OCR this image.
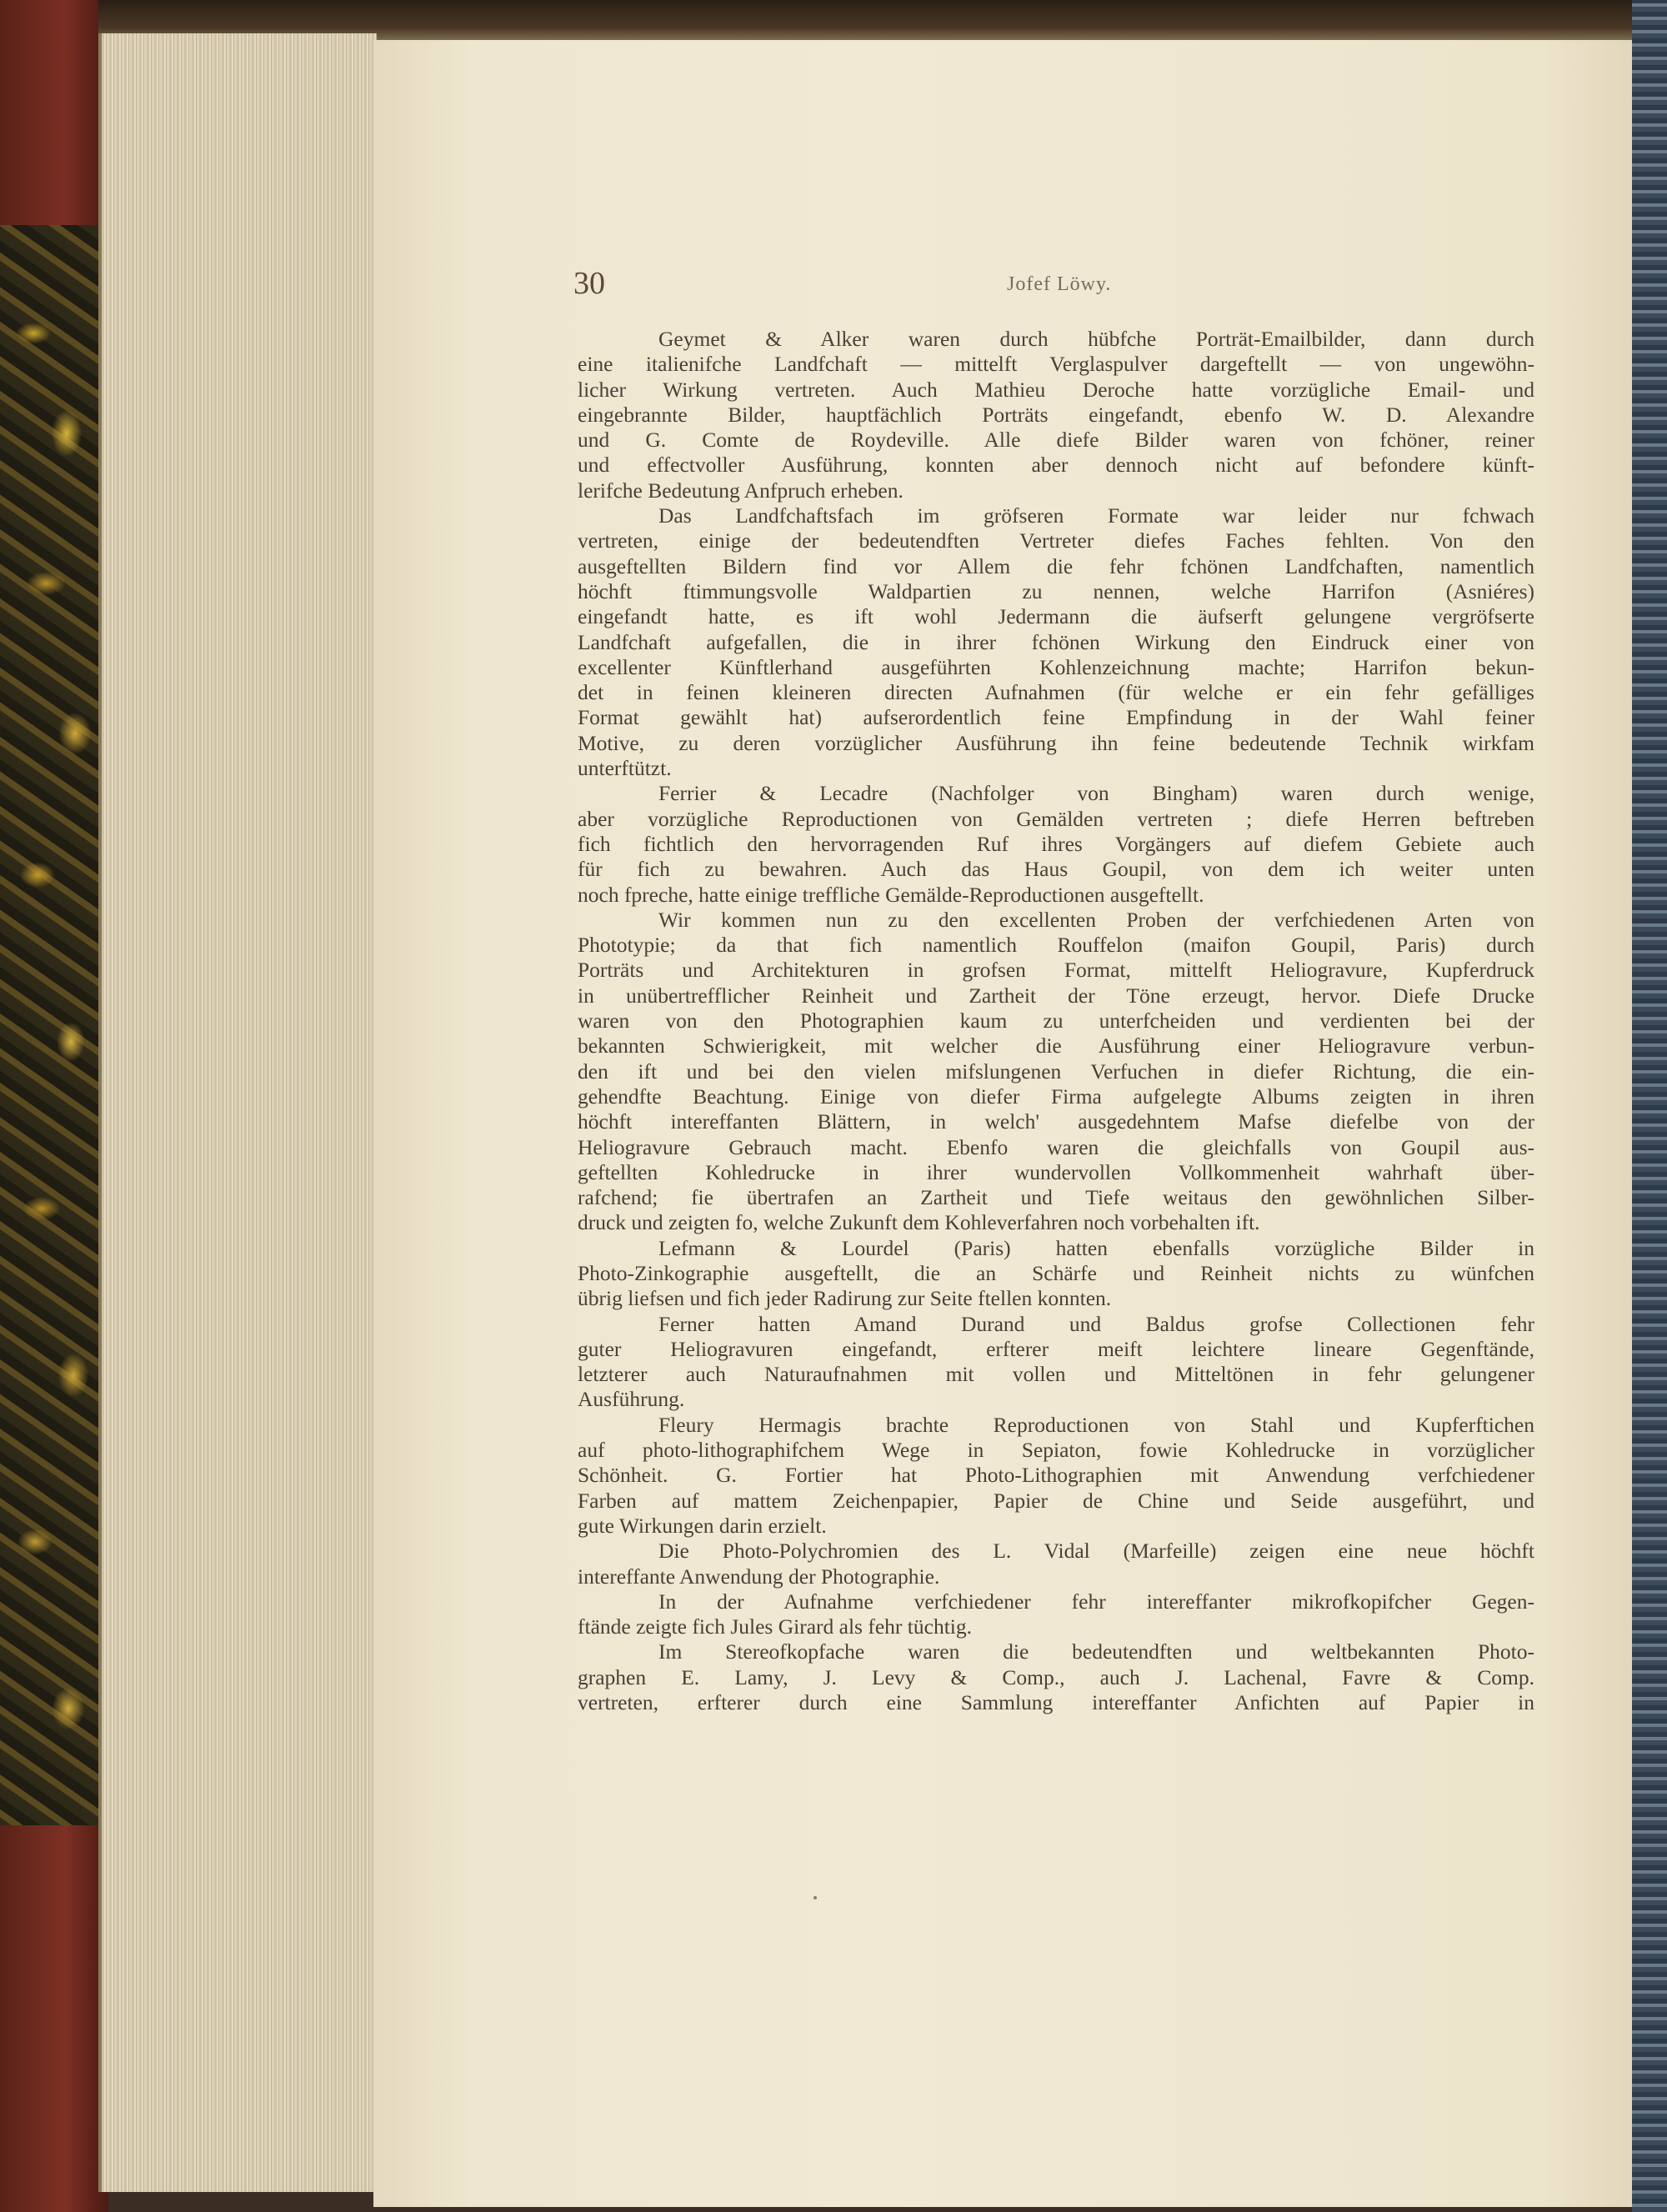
30	Jofef Löwy.
Geymet & Alker waren durch hübfche Porträt-Emailbilder, dann durch
eine italienifche Landfchaft — mittelft Verglaspulver dargeftellt — von ungewöhn-
licher Wirkung vertreten. Auch Mathieu Deroche hatte vorzügliche Email- und
eingebrannte Bilder, hauptfächlich Porträts eingefandt, ebenfo W. D. Alexandre
und G. Comte de Roydeville. Alle diefe Bilder waren von fchöner, reiner
und effectvoller Ausführung, konnten aber dennoch nicht auf befondere künft-
lerifche Bedeutung Anfpruch erheben.
Das Landfchaftsfach im gröfseren Formate war leider nur fchwach
vertreten, einige der bedeutendften Vertreter diefes Faches fehlten. Von den
ausgeftellten Bildern find vor Allem die fehr fchönen Landfchaften, namentlich
höchft ftimmungsvolle Waldpartien zu nennen, welche Harrifon (Asniéres)
eingefandt hatte, es ift wohl Jedermann die äufserft gelungene vergröfserte
Landfchaft aufgefallen, die in ihrer fchönen Wirkung den Eindruck einer von
excellenter Künftlerhand ausgeführten Kohlenzeichnung machte; Harrifon bekun-
det in feinen kleineren directen Aufnahmen (für welche er ein fehr gefälliges
Format gewählt hat) aufserordentlich feine Empfindung in der Wahl feiner
Motive, zu deren vorzüglicher Ausführung ihn feine bedeutende Technik wirkfam
unterftützt.
Ferrier & Lecadre (Nachfolger von Bingham) waren durch wenige,
aber vorzügliche Reproductionen von Gemälden vertreten ; diefe Herren beftreben
fich fichtlich den hervorragenden Ruf ihres Vorgängers auf diefem Gebiete auch
für fich zu bewahren. Auch das Haus Goupil, von dem ich weiter unten
noch fpreche, hatte einige treffliche Gemälde-Reproductionen ausgeftellt.
Wir kommen nun zu den excellenten Proben der verfchiedenen Arten von
Phototypie; da that fich namentlich Rouffelon (maifon Goupil, Paris) durch
Porträts und Architekturen in grofsen Format, mittelft Heliogravure, Kupferdruck
in unübertrefflicher Reinheit und Zartheit der Töne erzeugt, hervor. Diefe Drucke
waren von den Photographien kaum zu unterfcheiden und verdienten bei der
bekannten Schwierigkeit, mit welcher die Ausführung einer Heliogravure verbun-
den ift und bei den vielen mifslungenen Verfuchen in diefer Richtung, die ein-
gehendfte Beachtung. Einige von diefer Firma aufgelegte Albums zeigten in ihren
höchft intereffanten Blättern, in welch' ausgedehntem Mafse diefelbe von der
Heliogravure Gebrauch macht. Ebenfo waren die gleichfalls von Goupil aus-
geftellten Kohledrucke in ihrer wundervollen Vollkommenheit wahrhaft über-
rafchend; fie übertrafen an Zartheit und Tiefe weitaus den gewöhnlichen Silber-
druck und zeigten fo, welche Zukunft dem Kohleverfahren noch vorbehalten ift.
Lefmann & Lourdel (Paris) hatten ebenfalls vorzügliche Bilder in
Photo-Zinkographie ausgeftellt, die an Schärfe und Reinheit nichts zu wünfchen
übrig liefsen und fich jeder Radirung zur Seite ftellen konnten.
Ferner hatten Amand Durand und Baldus grofse Collectionen fehr
guter Heliogravuren eingefandt, erfterer meift leichtere lineare Gegenftände,
letzterer auch Naturaufnahmen mit vollen und Mitteltönen in fehr gelungener
Ausführung.
Fleury Hermagis brachte Reproductionen von Stahl und Kupferftichen
auf photo-lithographifchem Wege in Sepiaton, fowie Kohledrucke in vorzüglicher
Schönheit. G. Fortier hat Photo-Lithographien mit Anwendung verfchiedener
Farben auf mattem Zeichenpapier, Papier de Chine und Seide ausgeführt, und
gute Wirkungen darin erzielt.
Die Photo-Polychromien des L. Vidal (Marfeille) zeigen eine neue höchft
intereffante Anwendung der Photographie.
In der Aufnahme verfchiedener fehr intereffanter mikrofkopifcher Gegen-
ftände zeigte fich Jules Girard als fehr tüchtig.
Im Stereofkopfache waren die bedeutendften und weltbekannten Photo-
graphen E. Lamy, J. Levy & Comp., auch J. Lachenal, Favre & Comp.
vertreten, erfterer durch eine Sammlung intereffanter Anfichten auf Papier in
